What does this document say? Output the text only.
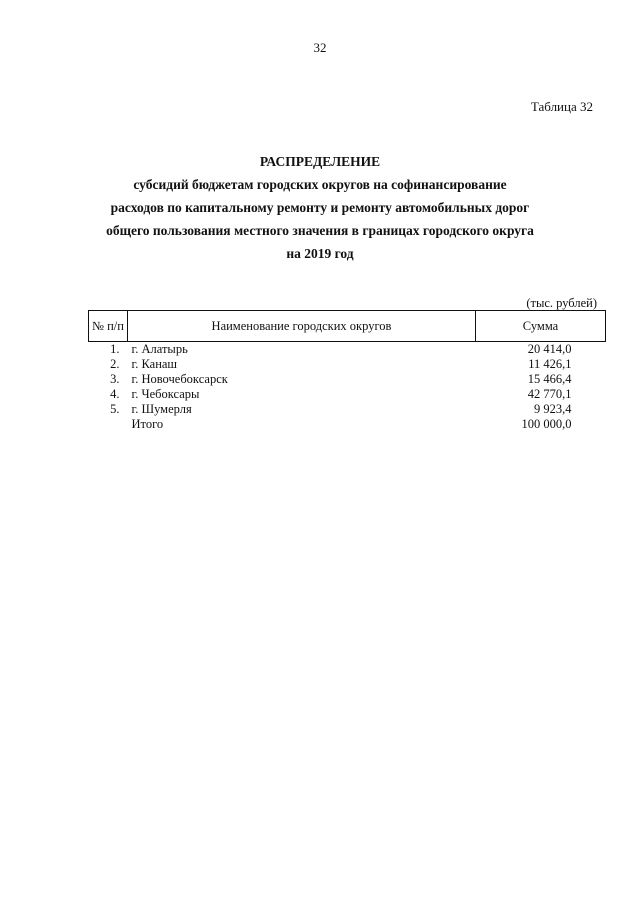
32
Таблица 32
РАСПРЕДЕЛЕНИЕ
субсидий бюджетам городских округов на софинансирование
расходов по капитальному ремонту и ремонту автомобильных дорог
общего пользования местного значения в границах городского округа
на 2019 год
(тыс. рублей)
№ п/п	Наименование городских округов	Сумма
1.	г. Алатырь	20 414,0
2.	г. Канаш	11 426,1
3.	г. Новочебоксарск	15 466,4
4.	г. Чебоксары	42 770,1
5.	г. Шумерля	9 923,4
	Итого	100 000,0
